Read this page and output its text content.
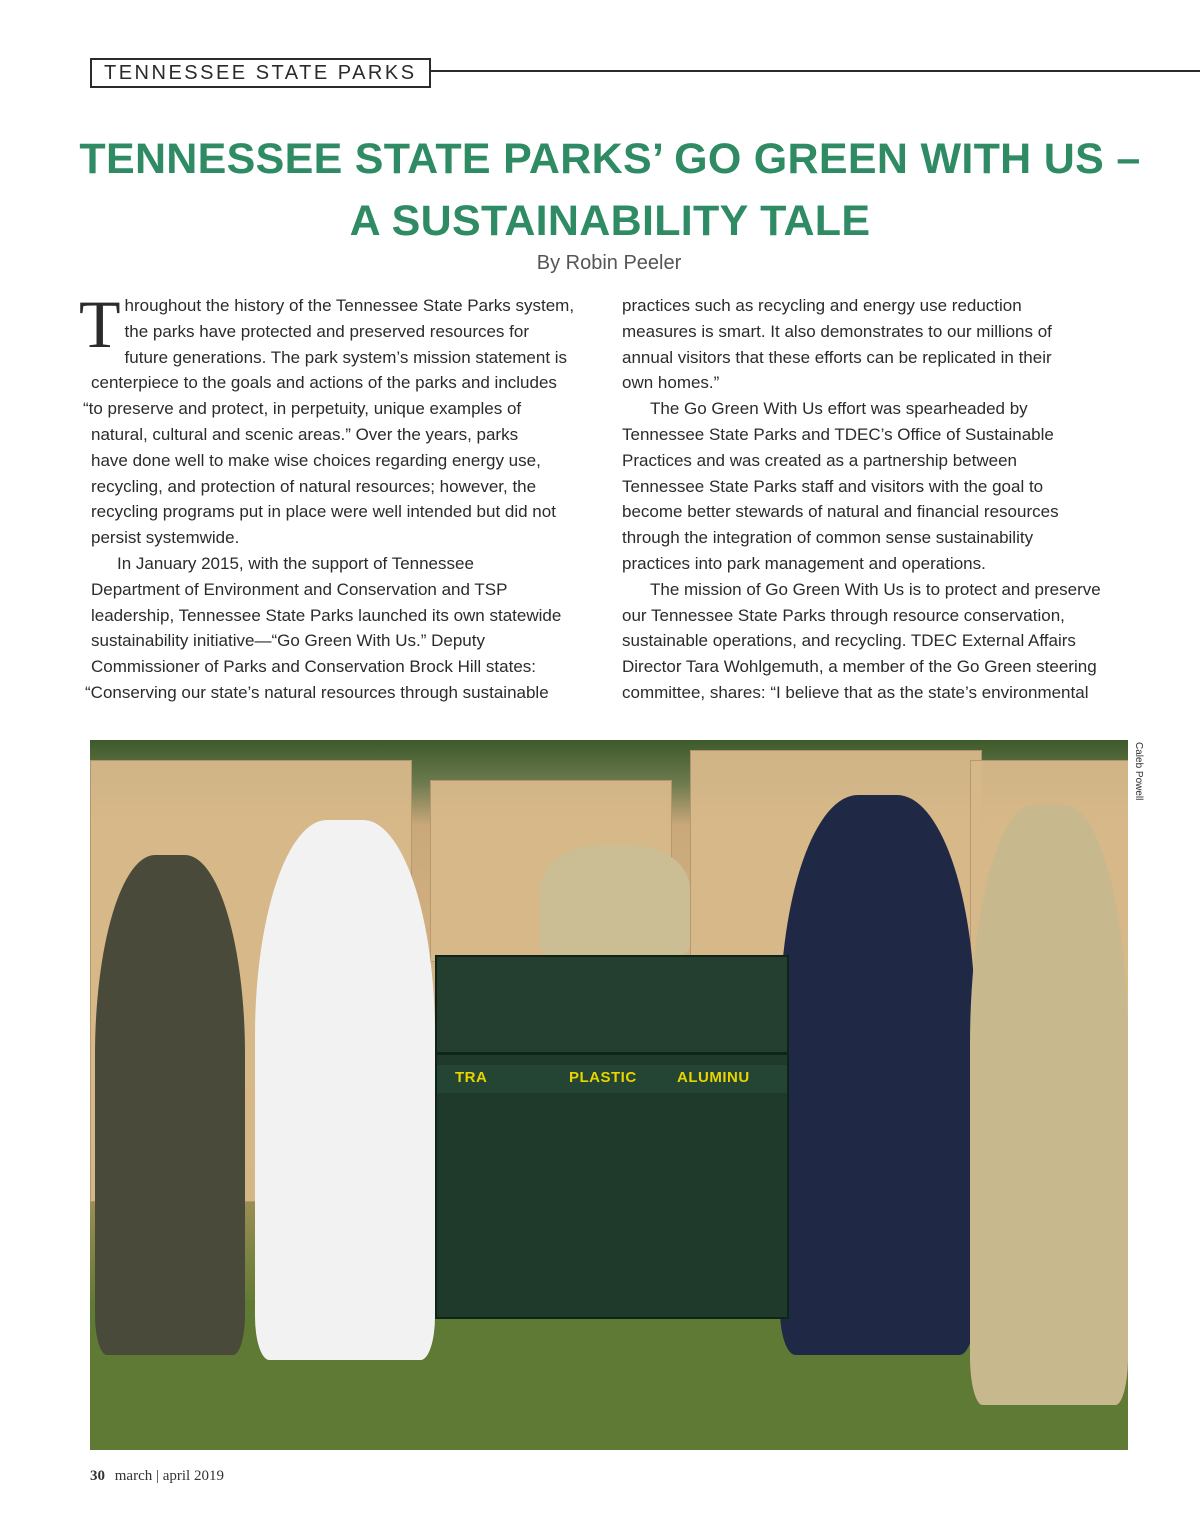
TENNESSEE STATE PARKS
TENNESSEE STATE PARKS’ GO GREEN WITH US –
A SUSTAINABILITY TALE
By Robin Peeler
T hroughout the history of the Tennessee State Parks system,
the parks have protected and preserved resources for
future generations. The park system’s mission statement is
centerpiece to the goals and actions of the parks and includes
“to preserve and protect, in perpetuity, unique examples of
natural, cultural and scenic areas.” Over the years, parks
have done well to make wise choices regarding energy use,
recycling, and protection of natural resources; however, the
recycling programs put in place were well intended but did not
persist systemwide.
In January 2015, with the support of Tennessee
Department of Environment and Conservation and TSP
leadership, Tennessee State Parks launched its own statewide
sustainability initiative—“Go Green With Us.” Deputy
Commissioner of Parks and Conservation Brock Hill states:
“Conserving our state’s natural resources through sustainable
practices such as recycling and energy use reduction
measures is smart. It also demonstrates to our millions of
annual visitors that these efforts can be replicated in their
own homes.”
The Go Green With Us effort was spearheaded by
Tennessee State Parks and TDEC’s Office of Sustainable
Practices and was created as a partnership between
Tennessee State Parks staff and visitors with the goal to
become better stewards of natural and financial resources
through the integration of common sense sustainability
practices into park management and operations.
The mission of Go Green With Us is to protect and preserve
our Tennessee State Parks through resource conservation,
sustainable operations, and recycling. TDEC External Affairs
Director Tara Wohlgemuth, a member of the Go Green steering
committee, shares: “I believe that as the state’s environmental
TRA	PLASTIC	ALUMINU
Caleb Powell
30 march | april 2019
